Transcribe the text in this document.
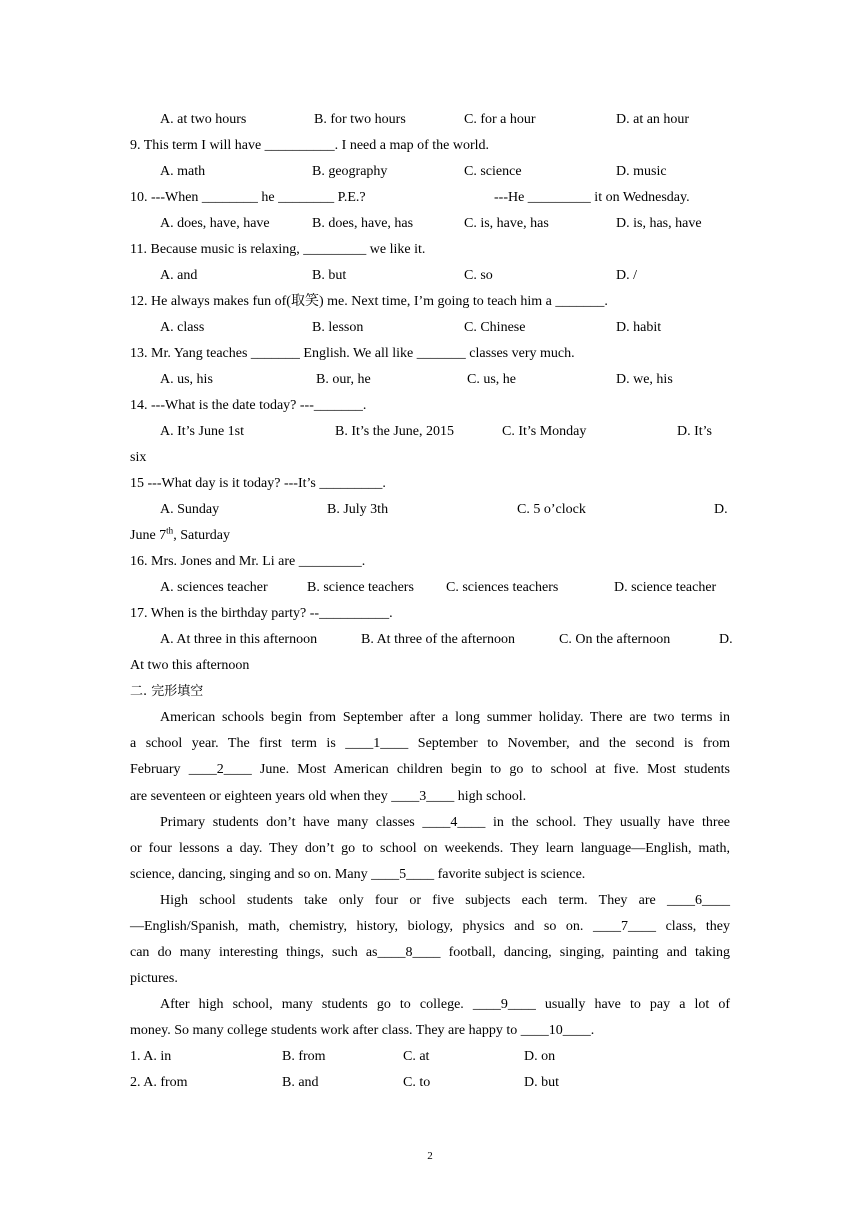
A. at two hours	B. for two hours	C. for a hour	D. at an hour
9. This term I will have __________. I need a map of the world.
A. math	B. geography	C. science	D. music
10. ---When ________ he ________ P.E.?	---He _________ it on Wednesday.
A. does, have, have	B. does, have, has	C. is, have, has	D. is, has, have
11. Because music is relaxing, _________ we like it.
A. and	B. but	C. so	D. /
12. He always makes fun of(取笑) me. Next time, I’m going to teach him a _______.
A. class	B. lesson	C. Chinese	D. habit
13. Mr. Yang teaches _______ English. We all like _______ classes very much.
A. us, his	B. our, he	C. us, he	D. we, his
14. ---What is the date today? ---_______.
A. It’s June 1st	B. It’s the June, 2015	C. It’s Monday	D. It’s
six
15 ---What day is it today? ---It’s _________.
A. Sunday	B. July 3th	C. 5 o’clock	D.
June 7th, Saturday
16. Mrs. Jones and Mr. Li are _________.
A. sciences teacher	B. science teachers C. sciences teachers	D. science teacher
17. When is the birthday party? --__________.
A. At three in this afternoon	B. At three of the afternoon	C. On the afternoon	D.
At two this afternoon
二. 完形填空
American schools begin from September after a long summer holiday. There are two terms in
a school year. The first term is ____1____ September to November, and the second is from
February ____2____ June. Most American children begin to go to school at five. Most students
are seventeen or eighteen years old when they ____3____ high school.
Primary students don’t have many classes ____4____ in the school. They usually have three
or four lessons a day. They don’t go to school on weekends. They learn language—English, math,
science, dancing, singing and so on. Many ____5____ favorite subject is science.
High school students take only four or five subjects each term. They are ____6____
—English/Spanish, math, chemistry, history, biology, physics and so on. ____7____ class, they
can do many interesting things, such as____8____ football, dancing, singing, painting and taking
pictures.
After high school, many students go to college. ____9____ usually have to pay a lot of
money. So many college students work after class. They are happy to ____10____.
1. A. in	B. from	C. at	D. on
2. A. from	B. and	C. to	D. but
2
